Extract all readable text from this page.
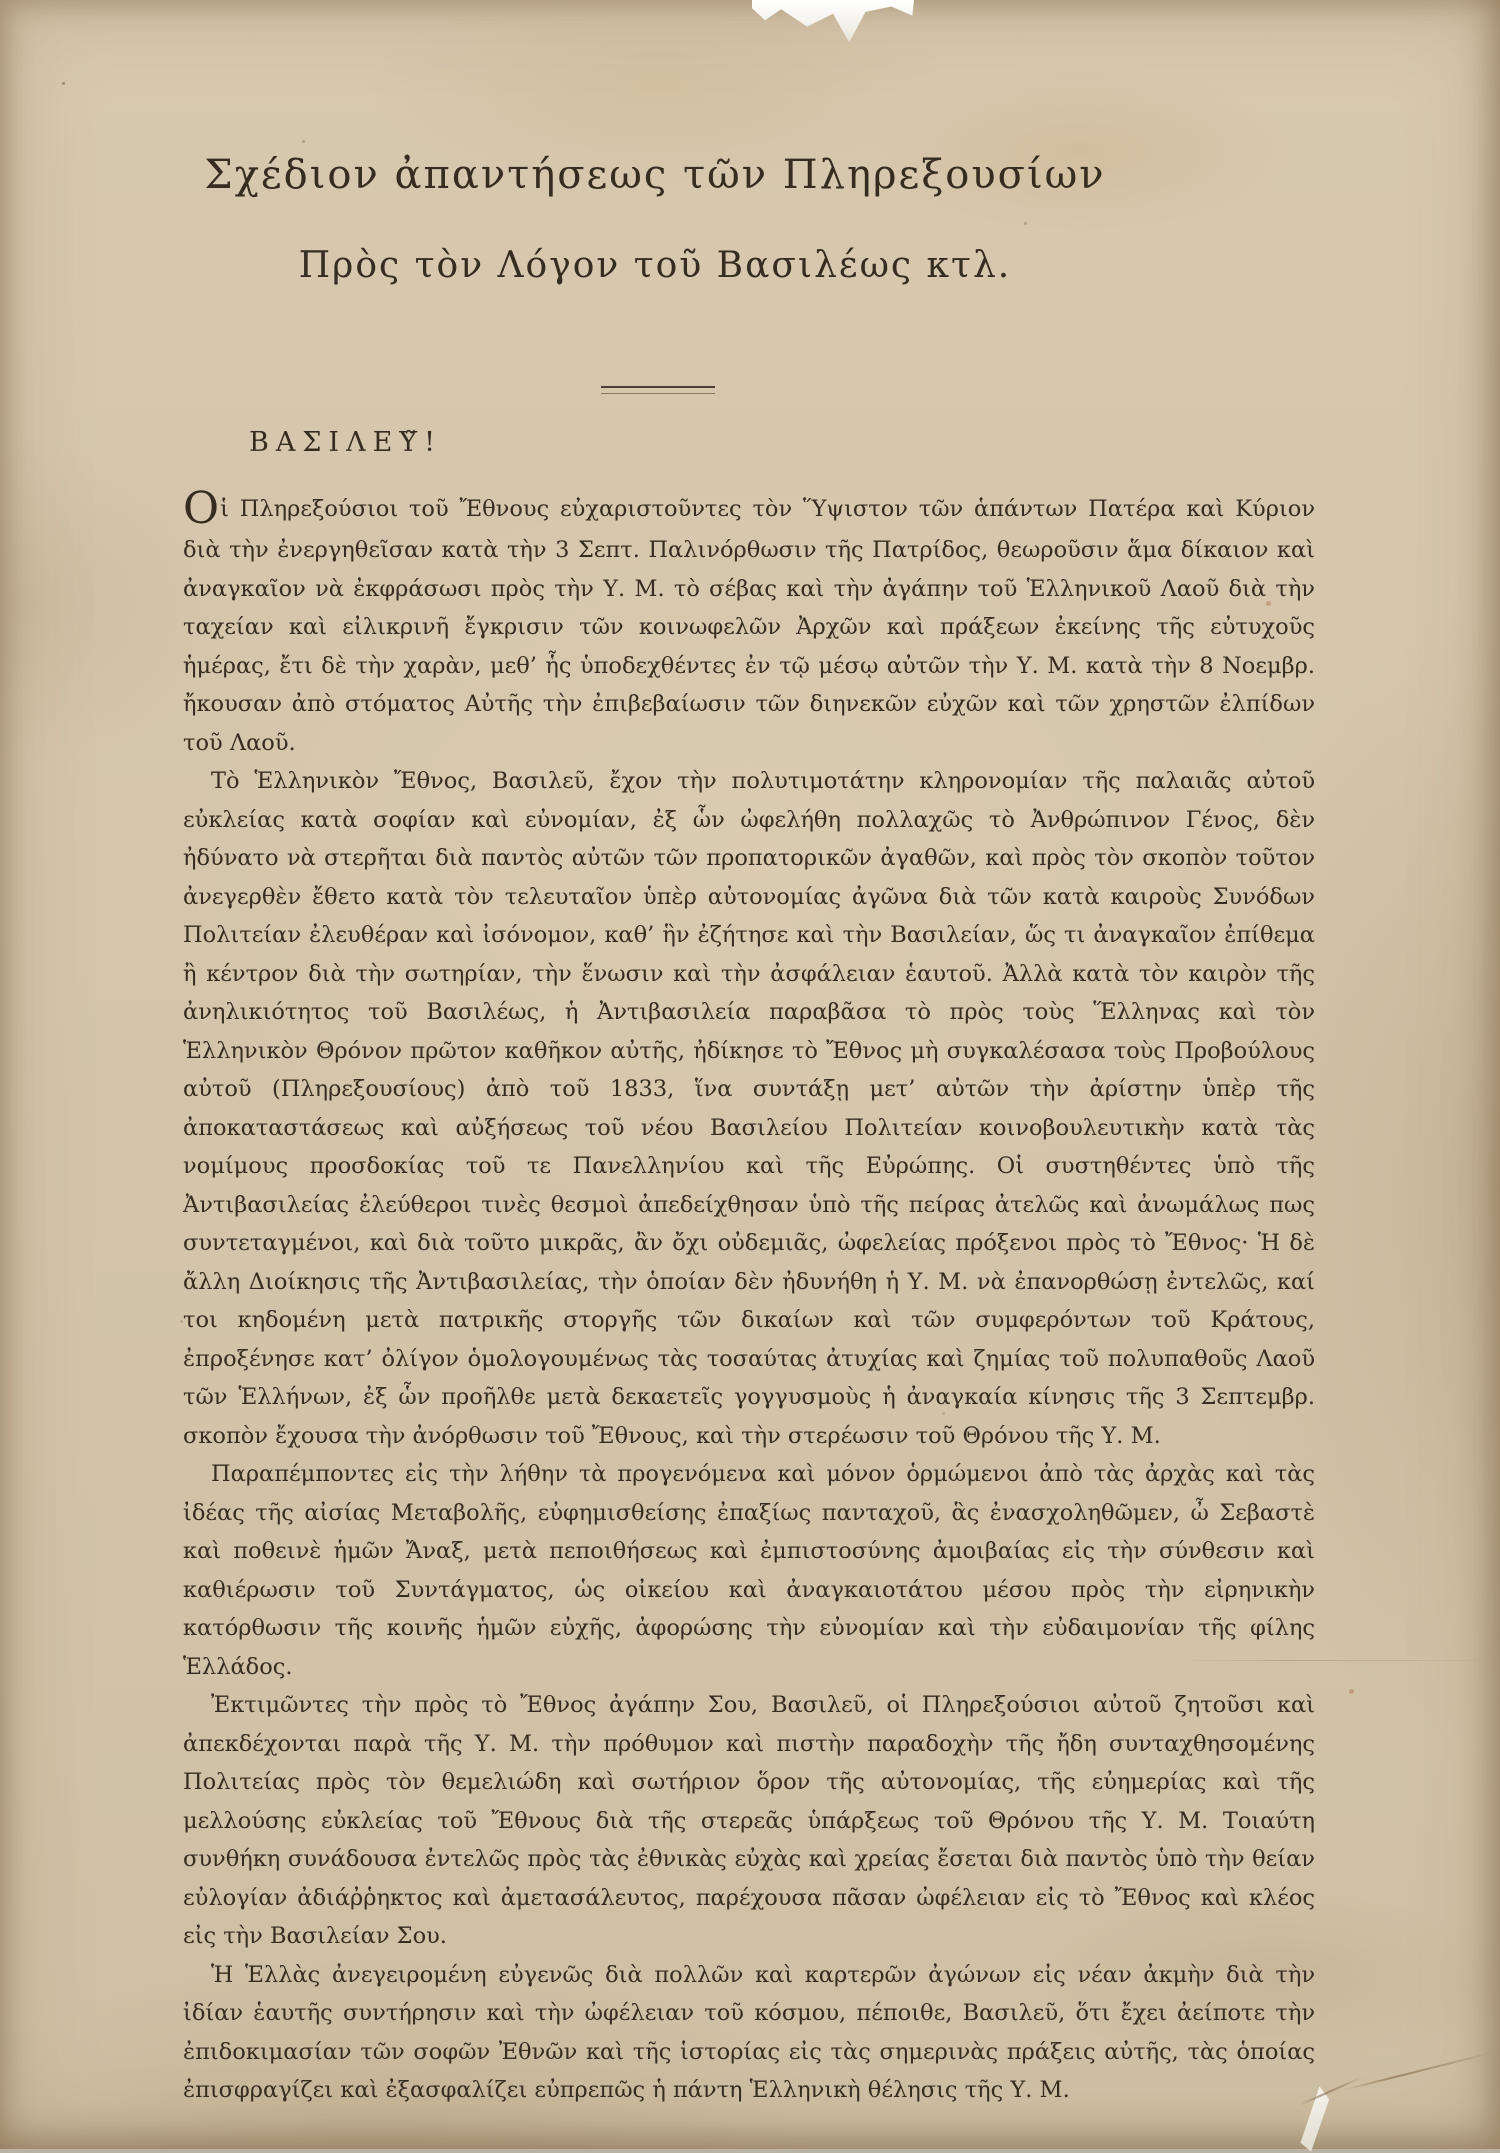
Σχέδιον ἀπαντήσεως τῶν Πληρεξουσίων
Πρὸς τὸν Λόγον τοῦ Βασιλέως κτλ.

ΒΑΣΙΛΕΥ̃!

Οἱ Πληρεξούσιοι τοῦ Ἔθνους εὐχαριστοῦντες τὸν Ὕψιστον τῶν ἁπάντων Πατέρα καὶ Κύριον διὰ τὴν ἐνεργηθεῖσαν κατὰ τὴν 3 Σεπτ. Παλινόρθωσιν τῆς Πατρίδος, θεωροῦσιν ἅμα δίκαιον καὶ ἀναγκαῖον νὰ ἐκφράσωσι πρὸς τὴν Υ. Μ. τὸ σέβας καὶ τὴν ἀγάπην τοῦ Ἑλληνικοῦ Λαοῦ διὰ τὴν ταχείαν καὶ εἰλικρινῆ ἔγκρισιν τῶν κοινωφελῶν Ἀρχῶν καὶ πράξεων ἐκείνης τῆς εὐτυχοῦς ἡμέρας, ἔτι δὲ τὴν χαρὰν, μεθ’ ἧς ὑποδεχθέντες ἐν τῷ μέσῳ αὐτῶν τὴν Υ. Μ. κατὰ τὴν 8 Νοεμβρ. ἤκουσαν ἀπὸ στόματος Αὐτῆς τὴν ἐπιβεβαίωσιν τῶν διηνεκῶν εὐχῶν καὶ τῶν χρηστῶν ἐλπίδων τοῦ Λαοῦ.

Τὸ Ἑλληνικὸν Ἔθνος, Βασιλεῦ, ἔχον τὴν πολυτιμοτάτην κληρονομίαν τῆς παλαιᾶς αὐτοῦ εὐκλείας κατὰ σοφίαν καὶ εὐνομίαν, ἐξ ὧν ὠφελήθη πολλαχῶς τὸ Ἀνθρώπινον Γένος, δὲν ἠδύνατο νὰ στερῆται διὰ παντὸς αὐτῶν τῶν προπατορικῶν ἀγαθῶν, καὶ πρὸς τὸν σκοπὸν τοῦτον ἀνεγερθὲν ἔθετο κατὰ τὸν τελευταῖον ὑπὲρ αὐτονομίας ἀγῶνα διὰ τῶν κατὰ καιροὺς Συνόδων Πολιτείαν ἐλευθέραν καὶ ἰσόνομον, καθ’ ἣν ἐζήτησε καὶ τὴν Βασιλείαν, ὥς τι ἀναγκαῖον ἐπίθεμα ἢ κέντρον διὰ τὴν σωτηρίαν, τὴν ἕνωσιν καὶ τὴν ἀσφάλειαν ἑαυτοῦ. Ἀλλὰ κατὰ τὸν καιρὸν τῆς ἀνηλικιότητος τοῦ Βασιλέως, ἡ Ἀντιβασιλεία παραβᾶσα τὸ πρὸς τοὺς Ἕλληνας καὶ τὸν Ἑλληνικὸν Θρόνον πρῶτον καθῆκον αὐτῆς, ἠδίκησε τὸ Ἔθνος μὴ συγκαλέσασα τοὺς Προβούλους αὐτοῦ (Πληρεξουσίους) ἀπὸ τοῦ 1833, ἵνα συντάξῃ μετ’ αὐτῶν τὴν ἀρίστην ὑπὲρ τῆς ἀποκαταστάσεως καὶ αὐξήσεως τοῦ νέου Βασιλείου Πολιτείαν κοινοβουλευτικὴν κατὰ τὰς νομίμους προσδοκίας τοῦ τε Πανελληνίου καὶ τῆς Εὐρώπης. Οἱ συστηθέντες ὑπὸ τῆς Ἀντιβασιλείας ἐλεύθεροι τινὲς θεσμοὶ ἀπεδείχθησαν ὑπὸ τῆς πείρας ἀτελῶς καὶ ἀνωμάλως πως συντεταγμένοι, καὶ διὰ τοῦτο μικρᾶς, ἂν ὄχι οὐδεμιᾶς, ὠφελείας πρόξενοι πρὸς τὸ Ἔθνος· Ἡ δὲ ἄλλη Διοίκησις τῆς Ἀντιβασιλείας, τὴν ὁποίαν δὲν ἠδυνήθη ἡ Υ. Μ. νὰ ἐπανορθώσῃ ἐντελῶς, καί τοι κηδομένη μετὰ πατρικῆς στοργῆς τῶν δικαίων καὶ τῶν συμφερόντων τοῦ Κράτους, ἐπροξένησε κατ’ ὀλίγον ὁμολογουμένως τὰς τοσαύτας ἀτυχίας καὶ ζημίας τοῦ πολυπαθοῦς Λαοῦ τῶν Ἑλλήνων, ἐξ ὧν προῆλθε μετὰ δεκαετεῖς γογγυσμοὺς ἡ ἀναγκαία κίνησις τῆς 3 Σεπτεμβρ. σκοπὸν ἔχουσα τὴν ἀνόρθωσιν τοῦ Ἔθνους, καὶ τὴν στερέωσιν τοῦ Θρόνου τῆς Υ. Μ.

Παραπέμποντες εἰς τὴν λήθην τὰ προγενόμενα καὶ μόνον ὁρμώμενοι ἀπὸ τὰς ἀρχὰς καὶ τὰς ἰδέας τῆς αἰσίας Μεταβολῆς, εὐφημισθείσης ἐπαξίως πανταχοῦ, ἃς ἐνασχοληθῶμεν, ὦ Σεβαστὲ καὶ ποθεινὲ ἡμῶν Ἄναξ, μετὰ πεποιθήσεως καὶ ἐμπιστοσύνης ἀμοιβαίας εἰς τὴν σύνθεσιν καὶ καθιέρωσιν τοῦ Συντάγματος, ὡς οἰκείου καὶ ἀναγκαιοτάτου μέσου πρὸς τὴν εἰρηνικὴν κατόρθωσιν τῆς κοινῆς ἡμῶν εὐχῆς, ἀφορώσης τὴν εὐνομίαν καὶ τὴν εὐδαιμονίαν τῆς φίλης Ἑλλάδος.

Ἐκτιμῶντες τὴν πρὸς τὸ Ἔθνος ἀγάπην Σου, Βασιλεῦ, οἱ Πληρεξούσιοι αὐτοῦ ζητοῦσι καὶ ἀπεκδέχονται παρὰ τῆς Υ. Μ. τὴν πρόθυμον καὶ πιστὴν παραδοχὴν τῆς ἤδη συνταχθησομένης Πολιτείας πρὸς τὸν θεμελιώδη καὶ σωτήριον ὅρον τῆς αὐτονομίας, τῆς εὐημερίας καὶ τῆς μελλούσης εὐκλείας τοῦ Ἔθνους διὰ τῆς στερεᾶς ὑπάρξεως τοῦ Θρόνου τῆς Υ. Μ. Τοιαύτη συνθήκη συνάδουσα ἐντελῶς πρὸς τὰς ἐθνικὰς εὐχὰς καὶ χρείας ἔσεται διὰ παντὸς ὑπὸ τὴν θείαν εὐλογίαν ἀδιάῤῥηκτος καὶ ἀμετασάλευτος, παρέχουσα πᾶσαν ὠφέλειαν εἰς τὸ Ἔθνος καὶ κλέος εἰς τὴν Βασιλείαν Σου.

Ἡ Ἑλλὰς ἀνεγειρομένη εὐγενῶς διὰ πολλῶν καὶ καρτερῶν ἀγώνων εἰς νέαν ἀκμὴν διὰ τὴν ἰδίαν ἑαυτῆς συντήρησιν καὶ τὴν ὠφέλειαν τοῦ κόσμου, πέποιθε, Βασιλεῦ, ὅτι ἔχει ἀείποτε τὴν ἐπιδοκιμασίαν τῶν σοφῶν Ἐθνῶν καὶ τῆς ἱστορίας εἰς τὰς σημερινὰς πράξεις αὐτῆς, τὰς ὁποίας ἐπισφραγίζει καὶ ἐξασφαλίζει εὐπρεπῶς ἡ πάντη Ἑλληνικὴ θέλησις τῆς Υ. Μ.
